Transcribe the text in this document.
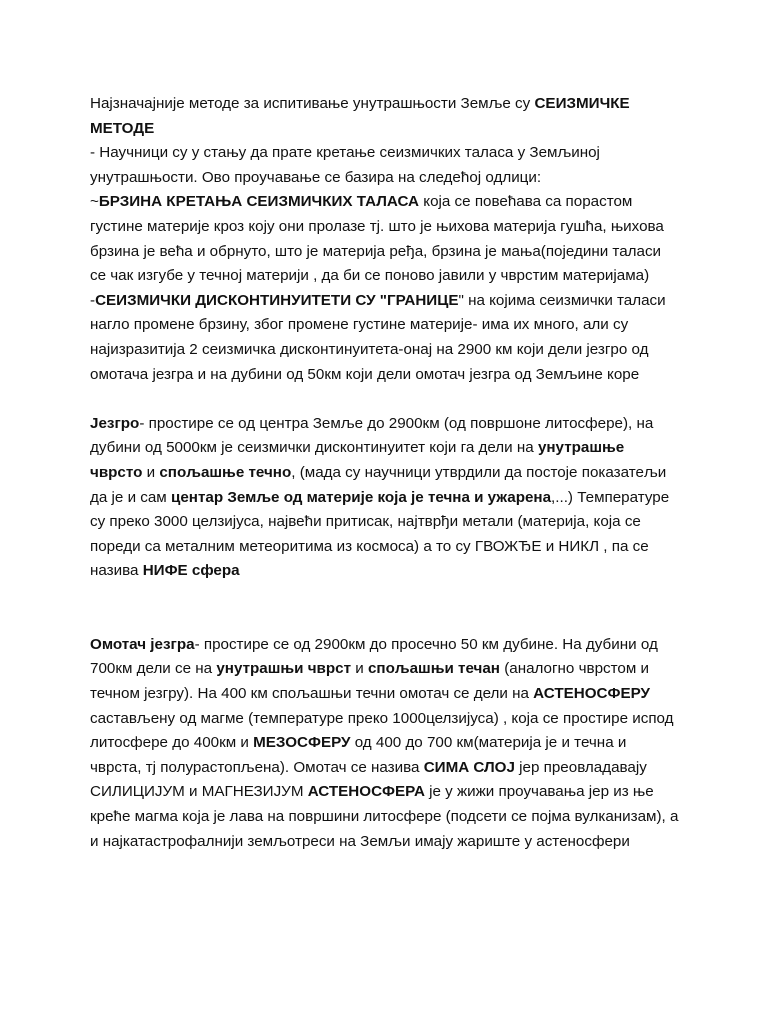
Најзначајније методе за испитивање унутрашњости Земље су СЕИЗМИЧКЕ МЕТОДЕ

- Научници су у стању да прате кретање сеизмичких таласа у Земљиној унутрашњости. Ово проучавање се базира на следећој одлици:

~БРЗИНА КРЕТАЊА СЕИЗМИЧКИХ ТАЛАСА која се повећава са порастом густине материје кроз коју они пролазе тј. што је њихова материја гушћа, њихова брзина је већа и обрнуто, што је материја ређа, брзина је мања(поједини таласи се чак изгубе у течној материји , да би се поново јавили у чврстим материјама)

-СЕИЗМИЧКИ ДИСКОНТИНУИТЕТИ СУ "ГРАНИЦЕ" на којима сеизмички таласи нагло промене брзину, због промене густине материје- има их много, али су најизразитија 2 сеизмичка дисконтинуитета-онај на 2900 км који дели језгро од омотача језгра и на дубини од 50км који дели омотач језгра од Земљине коре

Језгро- простире се од центра Земље до 2900км (од површоне литосфере), на дубини од 5000км је сеизмички дисконтинуитет који га дели на унутрашње чврсто и спољашње течно, (мада су научници утврдили да постоје показатељи да је и сам центар Земље од материје која је течна и ужарена,...) Температуре су преко 3000 целзијуса, највећи притисак, најтврђи метали (материја, која се пореди са металним метеоритима из космоса) а то су ГВОЖЂЕ и НИКЛ , па се назива НИФЕ сфера

Омотач језгра- простире се од 2900км до просечно 50 км дубине. На дубини од 700км дели се на унутрашњи чврст и спољашњи течан (аналогно чврстом и течном језгру). На 400 км спољашњи течни омотач се дели на АСТЕНОСФЕРУ састављену од магме (температуре преко 1000целзијуса) , која се простире испод литосфере до 400км и МЕЗОСФЕРУ од 400 до 700 км(материја је и течна и чврста, тј полурастопљена). Омотач се назива СИМА СЛОЈ јер преовладавају СИЛИЦИЈУМ и МАГНЕЗИЈУМ АСТЕНОСФЕРА је у жижи проучавања јер из ње креће магма која је лава на површини литосфере (подсети се појма вулканизам), а и најкатастрофалнији земљотреси на Земљи имају жариште у астеносфери
